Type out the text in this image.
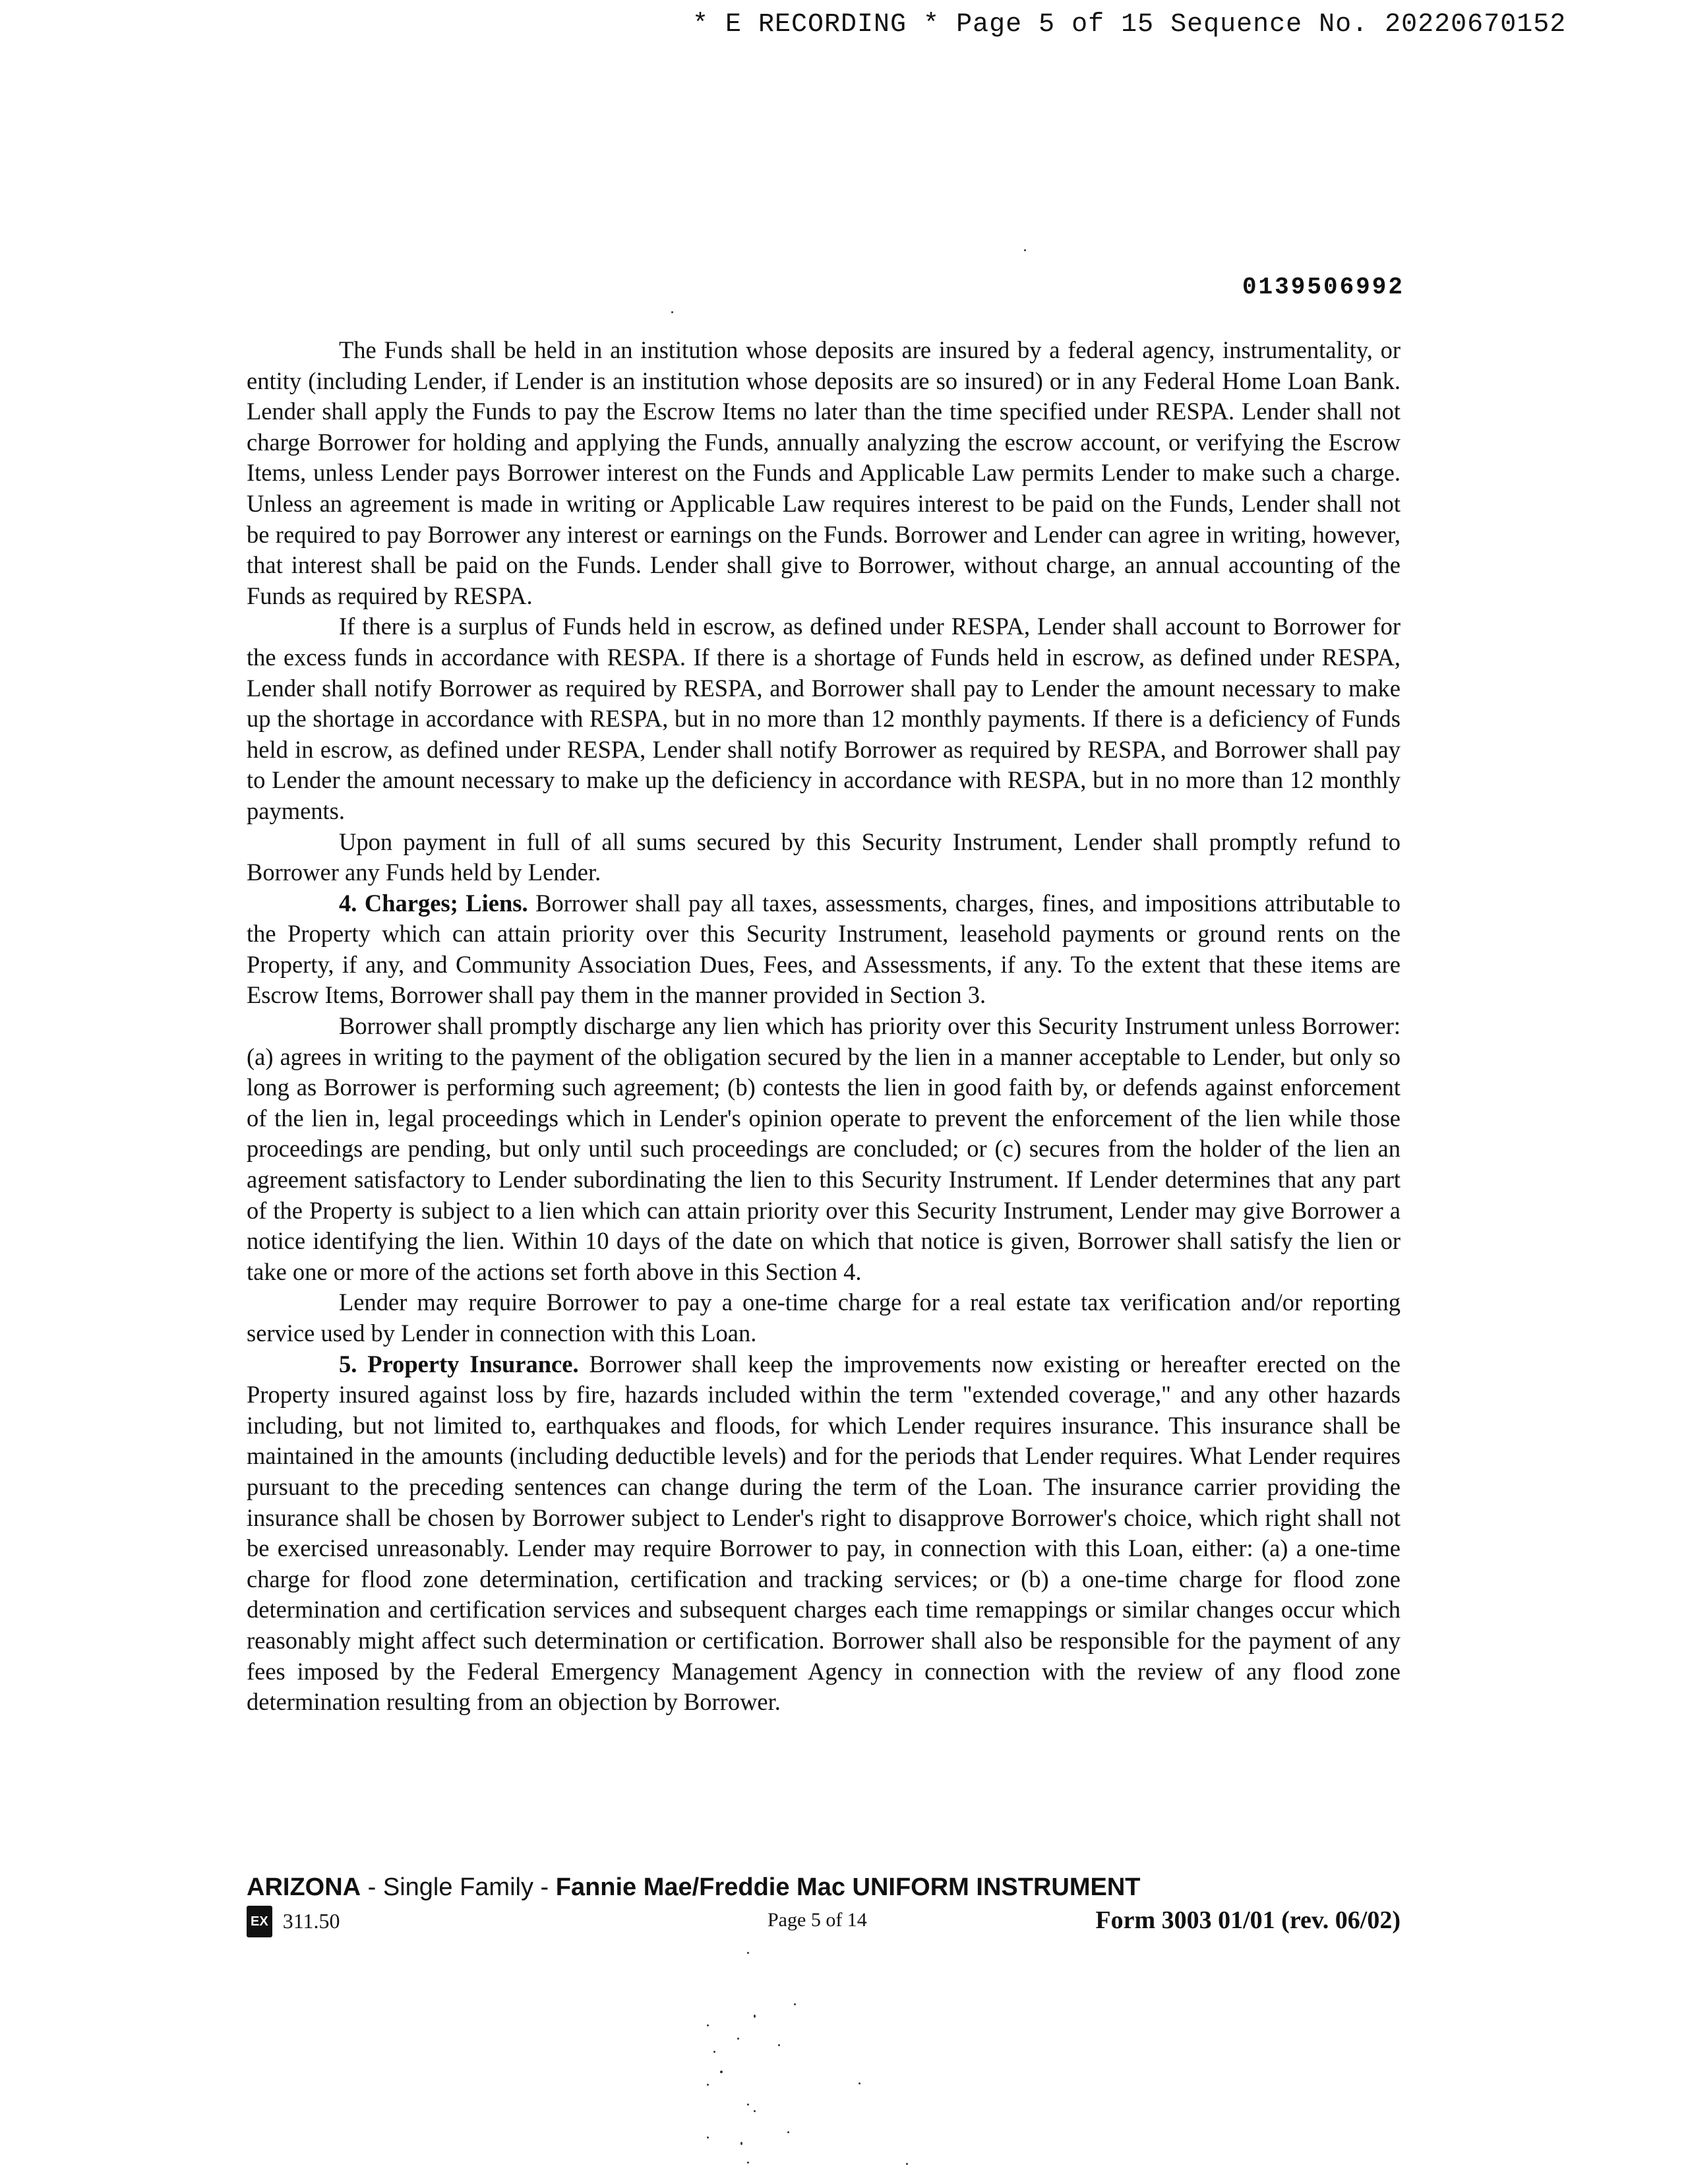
* E RECORDING * Page 5 of 15 Sequence No. 20220670152
0139506992

The Funds shall be held in an institution whose deposits are insured by a federal agency, instrumentality, or entity (including Lender, if Lender is an institution whose deposits are so insured) or in any Federal Home Loan Bank. Lender shall apply the Funds to pay the Escrow Items no later than the time specified under RESPA. Lender shall not charge Borrower for holding and applying the Funds, annually analyzing the escrow account, or verifying the Escrow Items, unless Lender pays Borrower interest on the Funds and Applicable Law permits Lender to make such a charge. Unless an agreement is made in writing or Applicable Law requires interest to be paid on the Funds, Lender shall not be required to pay Borrower any interest or earnings on the Funds. Borrower and Lender can agree in writing, however, that interest shall be paid on the Funds. Lender shall give to Borrower, without charge, an annual accounting of the Funds as required by RESPA.

If there is a surplus of Funds held in escrow, as defined under RESPA, Lender shall account to Borrower for the excess funds in accordance with RESPA. If there is a shortage of Funds held in escrow, as defined under RESPA, Lender shall notify Borrower as required by RESPA, and Borrower shall pay to Lender the amount necessary to make up the shortage in accordance with RESPA, but in no more than 12 monthly payments. If there is a deficiency of Funds held in escrow, as defined under RESPA, Lender shall notify Borrower as required by RESPA, and Borrower shall pay to Lender the amount necessary to make up the deficiency in accordance with RESPA, but in no more than 12 monthly payments.

Upon payment in full of all sums secured by this Security Instrument, Lender shall promptly refund to Borrower any Funds held by Lender.

4. Charges; Liens. Borrower shall pay all taxes, assessments, charges, fines, and impositions attributable to the Property which can attain priority over this Security Instrument, leasehold payments or ground rents on the Property, if any, and Community Association Dues, Fees, and Assessments, if any. To the extent that these items are Escrow Items, Borrower shall pay them in the manner provided in Section 3.

Borrower shall promptly discharge any lien which has priority over this Security Instrument unless Borrower: (a) agrees in writing to the payment of the obligation secured by the lien in a manner acceptable to Lender, but only so long as Borrower is performing such agreement; (b) contests the lien in good faith by, or defends against enforcement of the lien in, legal proceedings which in Lender's opinion operate to prevent the enforcement of the lien while those proceedings are pending, but only until such proceedings are concluded; or (c) secures from the holder of the lien an agreement satisfactory to Lender subordinating the lien to this Security Instrument. If Lender determines that any part of the Property is subject to a lien which can attain priority over this Security Instrument, Lender may give Borrower a notice identifying the lien. Within 10 days of the date on which that notice is given, Borrower shall satisfy the lien or take one or more of the actions set forth above in this Section 4.

Lender may require Borrower to pay a one-time charge for a real estate tax verification and/or reporting service used by Lender in connection with this Loan.

5. Property Insurance. Borrower shall keep the improvements now existing or hereafter erected on the Property insured against loss by fire, hazards included within the term "extended coverage," and any other hazards including, but not limited to, earthquakes and floods, for which Lender requires insurance. This insurance shall be maintained in the amounts (including deductible levels) and for the periods that Lender requires. What Lender requires pursuant to the preceding sentences can change during the term of the Loan. The insurance carrier providing the insurance shall be chosen by Borrower subject to Lender's right to disapprove Borrower's choice, which right shall not be exercised unreasonably. Lender may require Borrower to pay, in connection with this Loan, either: (a) a one-time charge for flood zone determination, certification and tracking services; or (b) a one-time charge for flood zone determination and certification services and subsequent charges each time remappings or similar changes occur which reasonably might affect such determination or certification. Borrower shall also be responsible for the payment of any fees imposed by the Federal Emergency Management Agency in connection with the review of any flood zone determination resulting from an objection by Borrower.

ARIZONA - Single Family - Fannie Mae/Freddie Mac UNIFORM INSTRUMENT
EX 311.50	Page 5 of 14	Form 3003 01/01 (rev. 06/02)
